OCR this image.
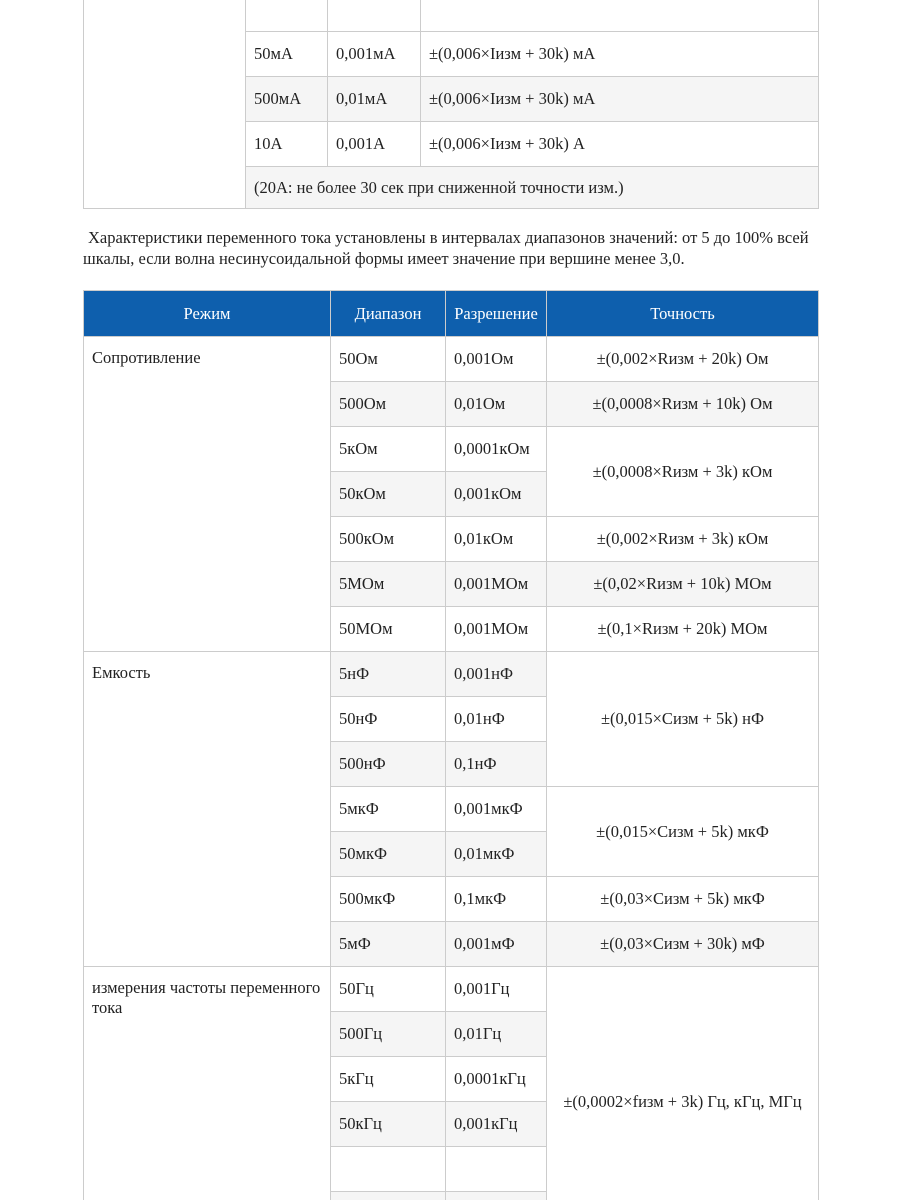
	50мА	0,001мА	±(0,006×Iизм + 30k) мА
	500мА	0,01мА	±(0,006×Iизм + 30k) мА
	10А	0,001А	±(0,006×Iизм + 30k) А
	(20А: не более 30 сек при сниженной точности изм.)		
Характеристики переменного тока установлены в интервалах диапазонов значений: от 5 до 100% всей шкалы, если волна несинусоидальной формы имеет значение при вершине менее 3,0.
Режим	Диапазон	Разрешение	Точность
Сопротивление	50Ом	0,001Ом	±(0,002×Rизм + 20k) Ом
	500Ом	0,01Ом	±(0,0008×Rизм + 10k) Ом
	5кОм	0,0001кОм	±(0,0008×Rизм + 3k) кОм
	50кОм	0,001кОм	
	500кОм	0,01кОм	±(0,002×Rизм + 3k) кОм
	5МОм	0,001МОм	±(0,02×Rизм + 10k) МОм
	50МОм	0,001МОм	±(0,1×Rизм + 20k) МОм
Емкость	5нФ	0,001нФ	±(0,015×Сизм + 5k) нФ
	50нФ	0,01нФ	
	500нФ	0,1нФ	
	5мкФ	0,001мкФ	±(0,015×Сизм + 5k) мкФ
	50мкФ	0,01мкФ	
	500мкФ	0,1мкФ	±(0,03×Сизм + 5k) мкФ
	5мФ	0,001мФ	±(0,03×Сизм + 30k) мФ
измерения частоты переменного тока	50Гц	0,001Гц	±(0,0002×fизм + 3k) Гц, кГц, МГц
	500Гц	0,01Гц	
	5кГц	0,0001кГц	
	50кГц	0,001кГц	
